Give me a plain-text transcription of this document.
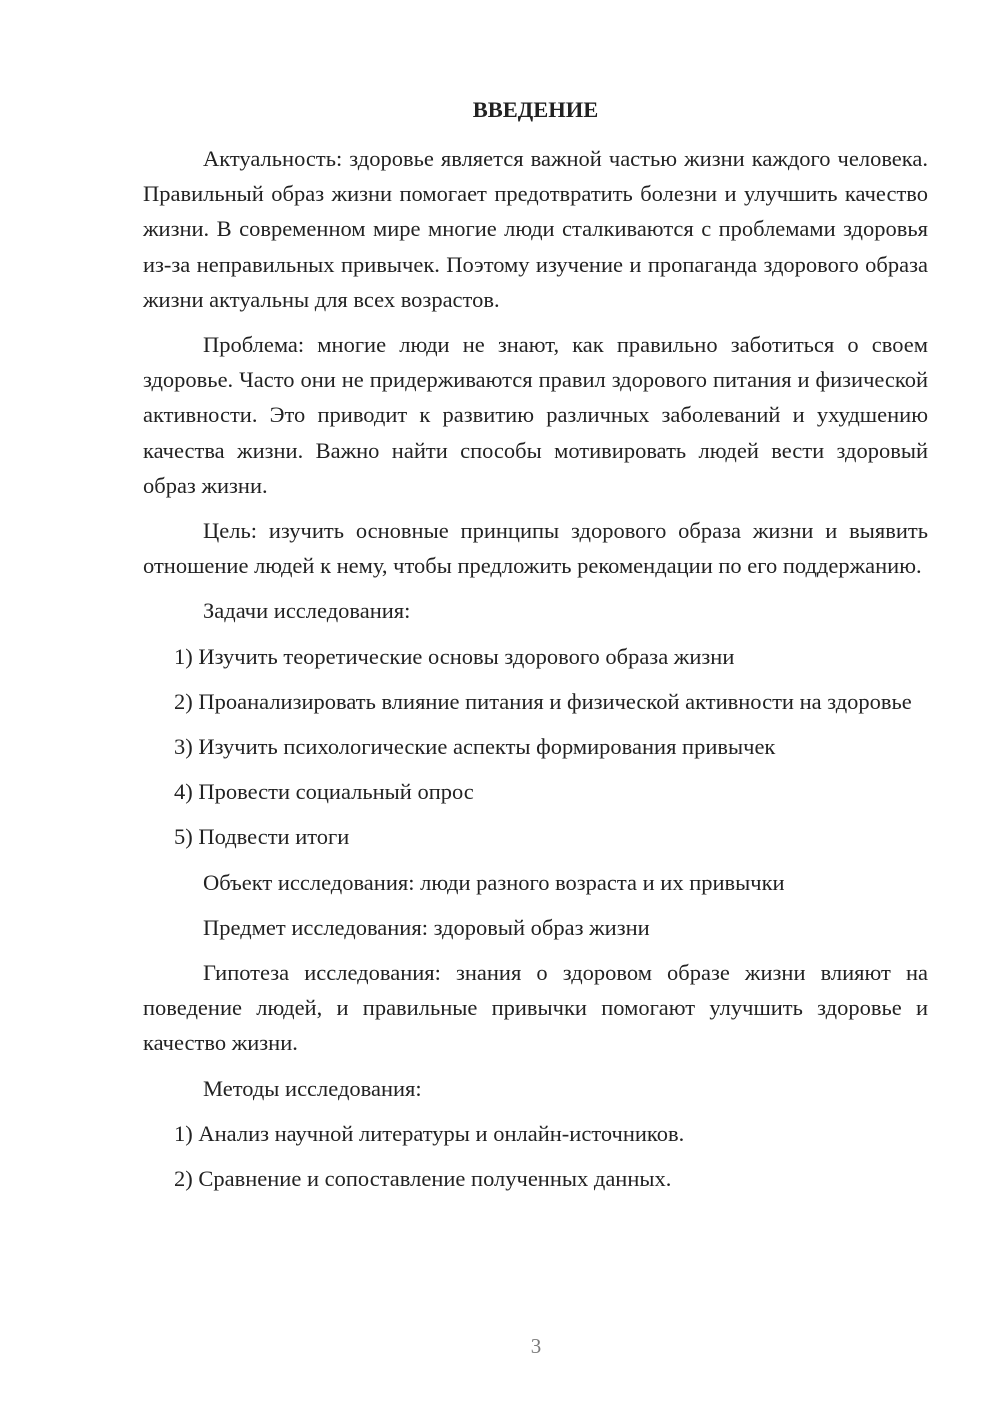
ВВЕДЕНИЕ

Актуальность: здоровье является важной частью жизни каждого человека. Правильный образ жизни помогает предотвратить болезни и улучшить качество жизни. В современном мире многие люди сталкиваются с проблемами здоровья из-за неправильных привычек. Поэтому изучение и пропаганда здорового образа жизни актуальны для всех возрастов.

Проблема: многие люди не знают, как правильно заботиться о своем здоровье. Часто они не придерживаются правил здорового питания и физической активности. Это приводит к развитию различных заболеваний и ухудшению качества жизни. Важно найти способы мотивировать людей вести здоровый образ жизни.

Цель: изучить основные принципы здорового образа жизни и выявить отношение людей к нему, чтобы предложить рекомендации по его поддержанию.

Задачи исследования:

1) Изучить теоретические основы здорового образа жизни

2) Проанализировать влияние питания и физической активности на здоровье

3) Изучить психологические аспекты формирования привычек

4) Провести социальный опрос

5) Подвести итоги

Объект исследования: люди разного возраста и их привычки

Предмет исследования: здоровый образ жизни

Гипотеза исследования: знания о здоровом образе жизни влияют на поведение людей, и правильные привычки помогают улучшить здоровье и качество жизни.

Методы исследования:

1) Анализ научной литературы и онлайн-источников.

2) Сравнение и сопоставление полученных данных.

3
